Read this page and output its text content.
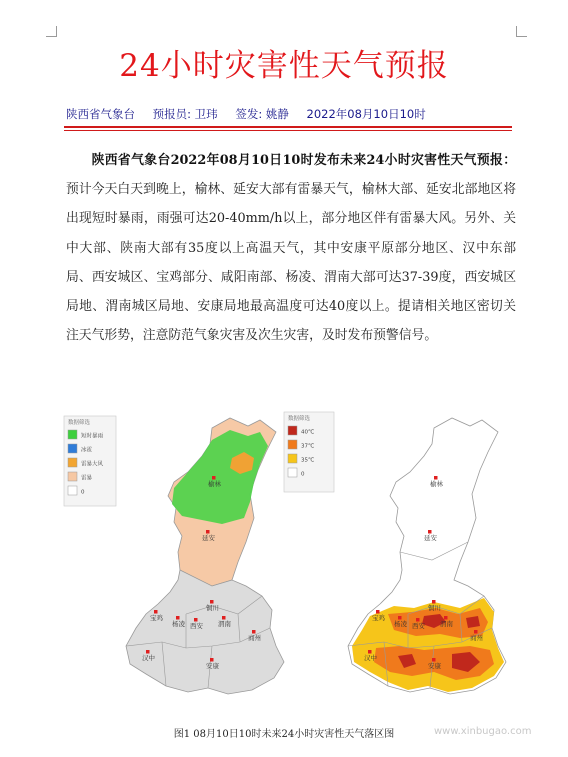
24小时灾害性天气预报
陕西省气象台 预报员: 卫玮 签发: 姚静 2022年08月10日10时
陕西省气象台2022年08月10日10时发布未来24小时灾害性天气预报：预计今天白天到晚上，榆林、延安大部有雷暴天气，榆林大部、延安北部地区将出现短时暴雨，雨强可达20-40mm/h以上，部分地区伴有雷暴大风。另外、关中大部、陕南大部有35度以上高温天气，其中安康平原部分地区、汉中东部局、西安城区、宝鸡部分、咸阳南部、杨凌、渭南大部可达37-39度，西安城区局地、渭南城区局地、安康局地最高温度可达40度以上。提请相关地区密切关注天气形势，注意防范气象灾害及次生灾害，及时发布预警信号。
数据筛选
短时暴雨
冰雹
雷暴大风
雷暴
0
榆林
延安
铜川
宝鸡
杨凌 西安 渭南
商州
汉中
安康
数据筛选
40℃
37℃
35℃
0
榆林
延安
铜川
宝鸡
杨凌 西安 渭南
商州
汉中
安康
图1 08月10日10时未来24小时灾害性天气落区图	www.xinbugao.com
